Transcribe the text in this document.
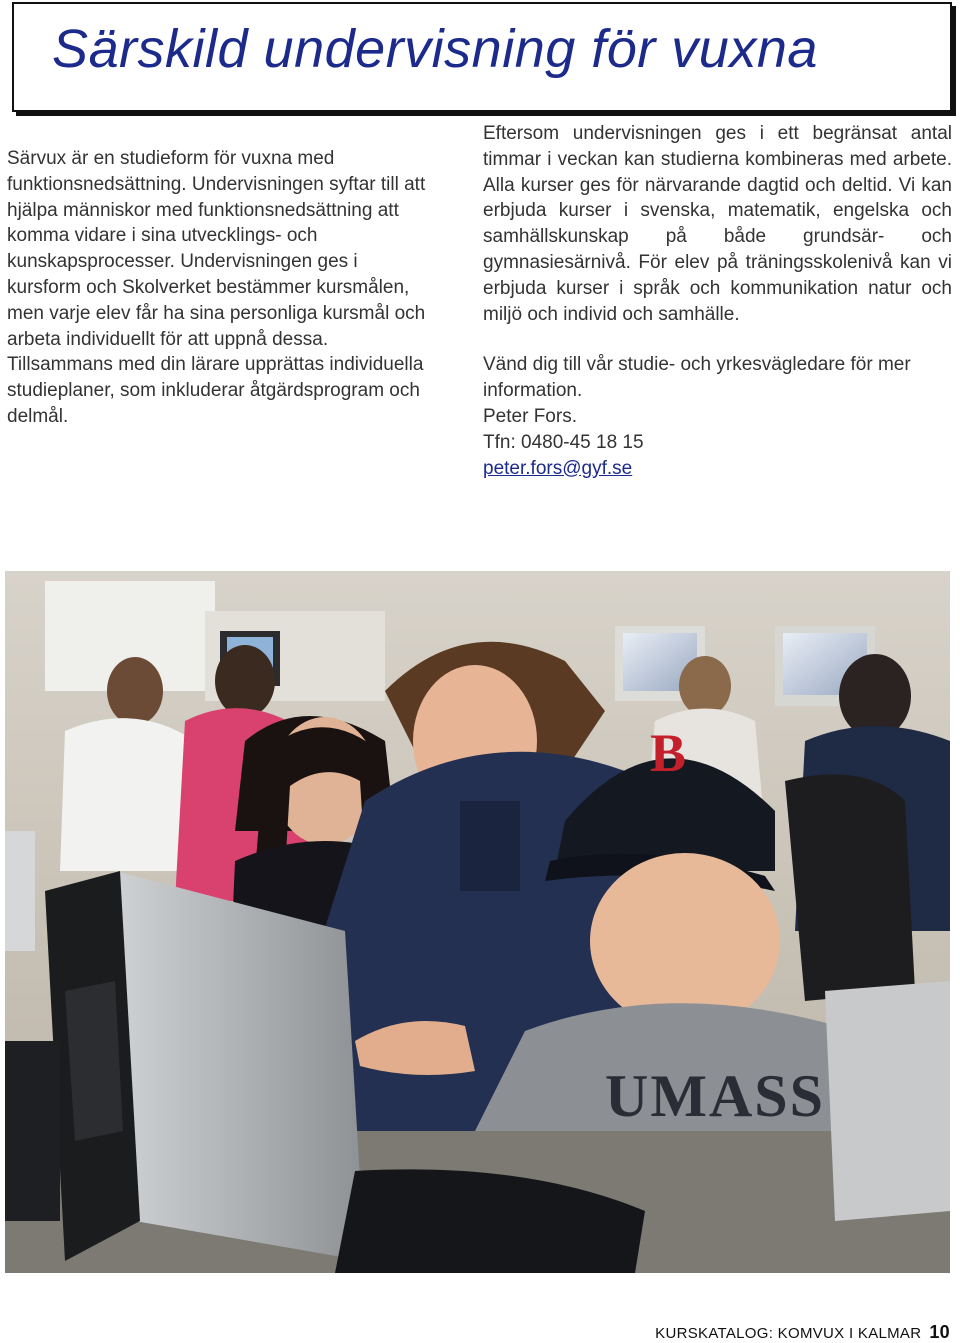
Särskild undervisning för vuxna

Särvux är en studieform för vuxna med funktionsnedsättning. Undervisningen syftar till att hjälpa människor med funktionsnedsättning att komma vidare i sina utvecklings- och kunskapsprocesser. Undervisningen ges i kursform och Skolverket bestämmer kursmålen, men varje elev får ha sina personliga kursmål och arbeta individuellt för att uppnå dessa. Tillsammans med din lärare upprättas individuella studieplaner, som inkluderar åtgärdsprogram och delmål.

Eftersom undervisningen ges i ett begränsat antal timmar i veckan kan studierna kombineras med arbete. Alla kurser ges för närvarande dagtid och deltid. Vi kan erbjuda kurser i svenska, matematik, engelska och samhällskunskap på både grundsär- och gymnasiesärnivå. För elev på träningsskolenivå kan vi erbjuda kurser i språk och kommunikation natur och miljö och individ och samhälle.

Vänd dig till vår studie- och yrkesvägledare för mer information.

Peter Fors.

Tfn: 0480-45 18 15

peter.fors@gyf.se

B
UMASS
KURSKATALOG: KOMVUX I KALMAR 10
